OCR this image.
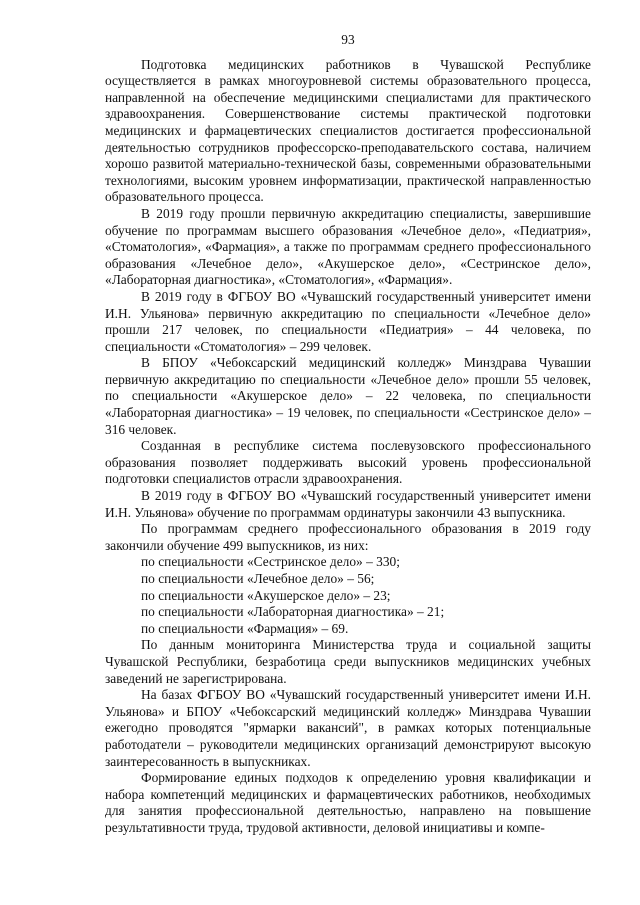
93

Подготовка медицинских работников в Чувашской Республике осуществляется в рамках многоуровневой системы образовательного процесса, направленной на обеспечение медицинскими специалистами для практического здравоохранения. Совершенствование системы практической подготовки медицинских и фармацевтических специалистов достигается профессиональной деятельностью сотрудников профессорско-преподавательского состава, наличием хорошо развитой материально-технической базы, современными образовательными технологиями, высоким уровнем информатизации, практической направленностью образовательного процесса.

В 2019 году прошли первичную аккредитацию специалисты, завершившие обучение по программам высшего образования «Лечебное дело», «Педиатрия», «Стоматология», «Фармация», а также по программам среднего профессионального образования «Лечебное дело», «Акушерское дело», «Сестринское дело», «Лабораторная диагностика», «Стоматология», «Фармация».

В 2019 году в ФГБОУ ВО «Чувашский государственный университет имени И.Н. Ульянова» первичную аккредитацию по специальности «Лечебное дело» прошли 217 человек, по специальности «Педиатрия» – 44 человека, по специальности «Стоматология» – 299 человек.

В БПОУ «Чебоксарский медицинский колледж» Минздрава Чувашии первичную аккредитацию по специальности «Лечебное дело» прошли 55 человек, по специальности «Акушерское дело» – 22 человека, по специальности «Лабораторная диагностика» – 19 человек, по специальности «Сестринское дело» – 316 человек.

Созданная в республике система послевузовского профессионального образования позволяет поддерживать высокий уровень профессиональной подготовки специалистов отрасли здравоохранения.

В 2019 году в ФГБОУ ВО «Чувашский государственный университет имени И.Н. Ульянова» обучение по программам ординатуры закончили 43 выпускника.

По программам среднего профессионального образования в 2019 году закончили обучение 499 выпускников, из них:

по специальности «Сестринское дело» – 330;
по специальности «Лечебное дело» – 56;
по специальности «Акушерское дело» – 23;
по специальности «Лабораторная диагностика» – 21;
по специальности «Фармация» – 69.

По данным мониторинга Министерства труда и социальной защиты Чувашской Республики, безработица среди выпускников медицинских учебных заведений не зарегистрирована.

На базах ФГБОУ ВО «Чувашский государственный университет имени И.Н. Ульянова» и БПОУ «Чебоксарский медицинский колледж» Минздрава Чувашии ежегодно проводятся "ярмарки вакансий", в рамках которых потенциальные работодатели – руководители медицинских организаций демонстрируют высокую заинтересованность в выпускниках.

Формирование единых подходов к определению уровня квалификации и набора компетенций медицинских и фармацевтических работников, необходимых для занятия профессиональной деятельностью, направлено на повышение результативности труда, трудовой активности, деловой инициативы и компе-
